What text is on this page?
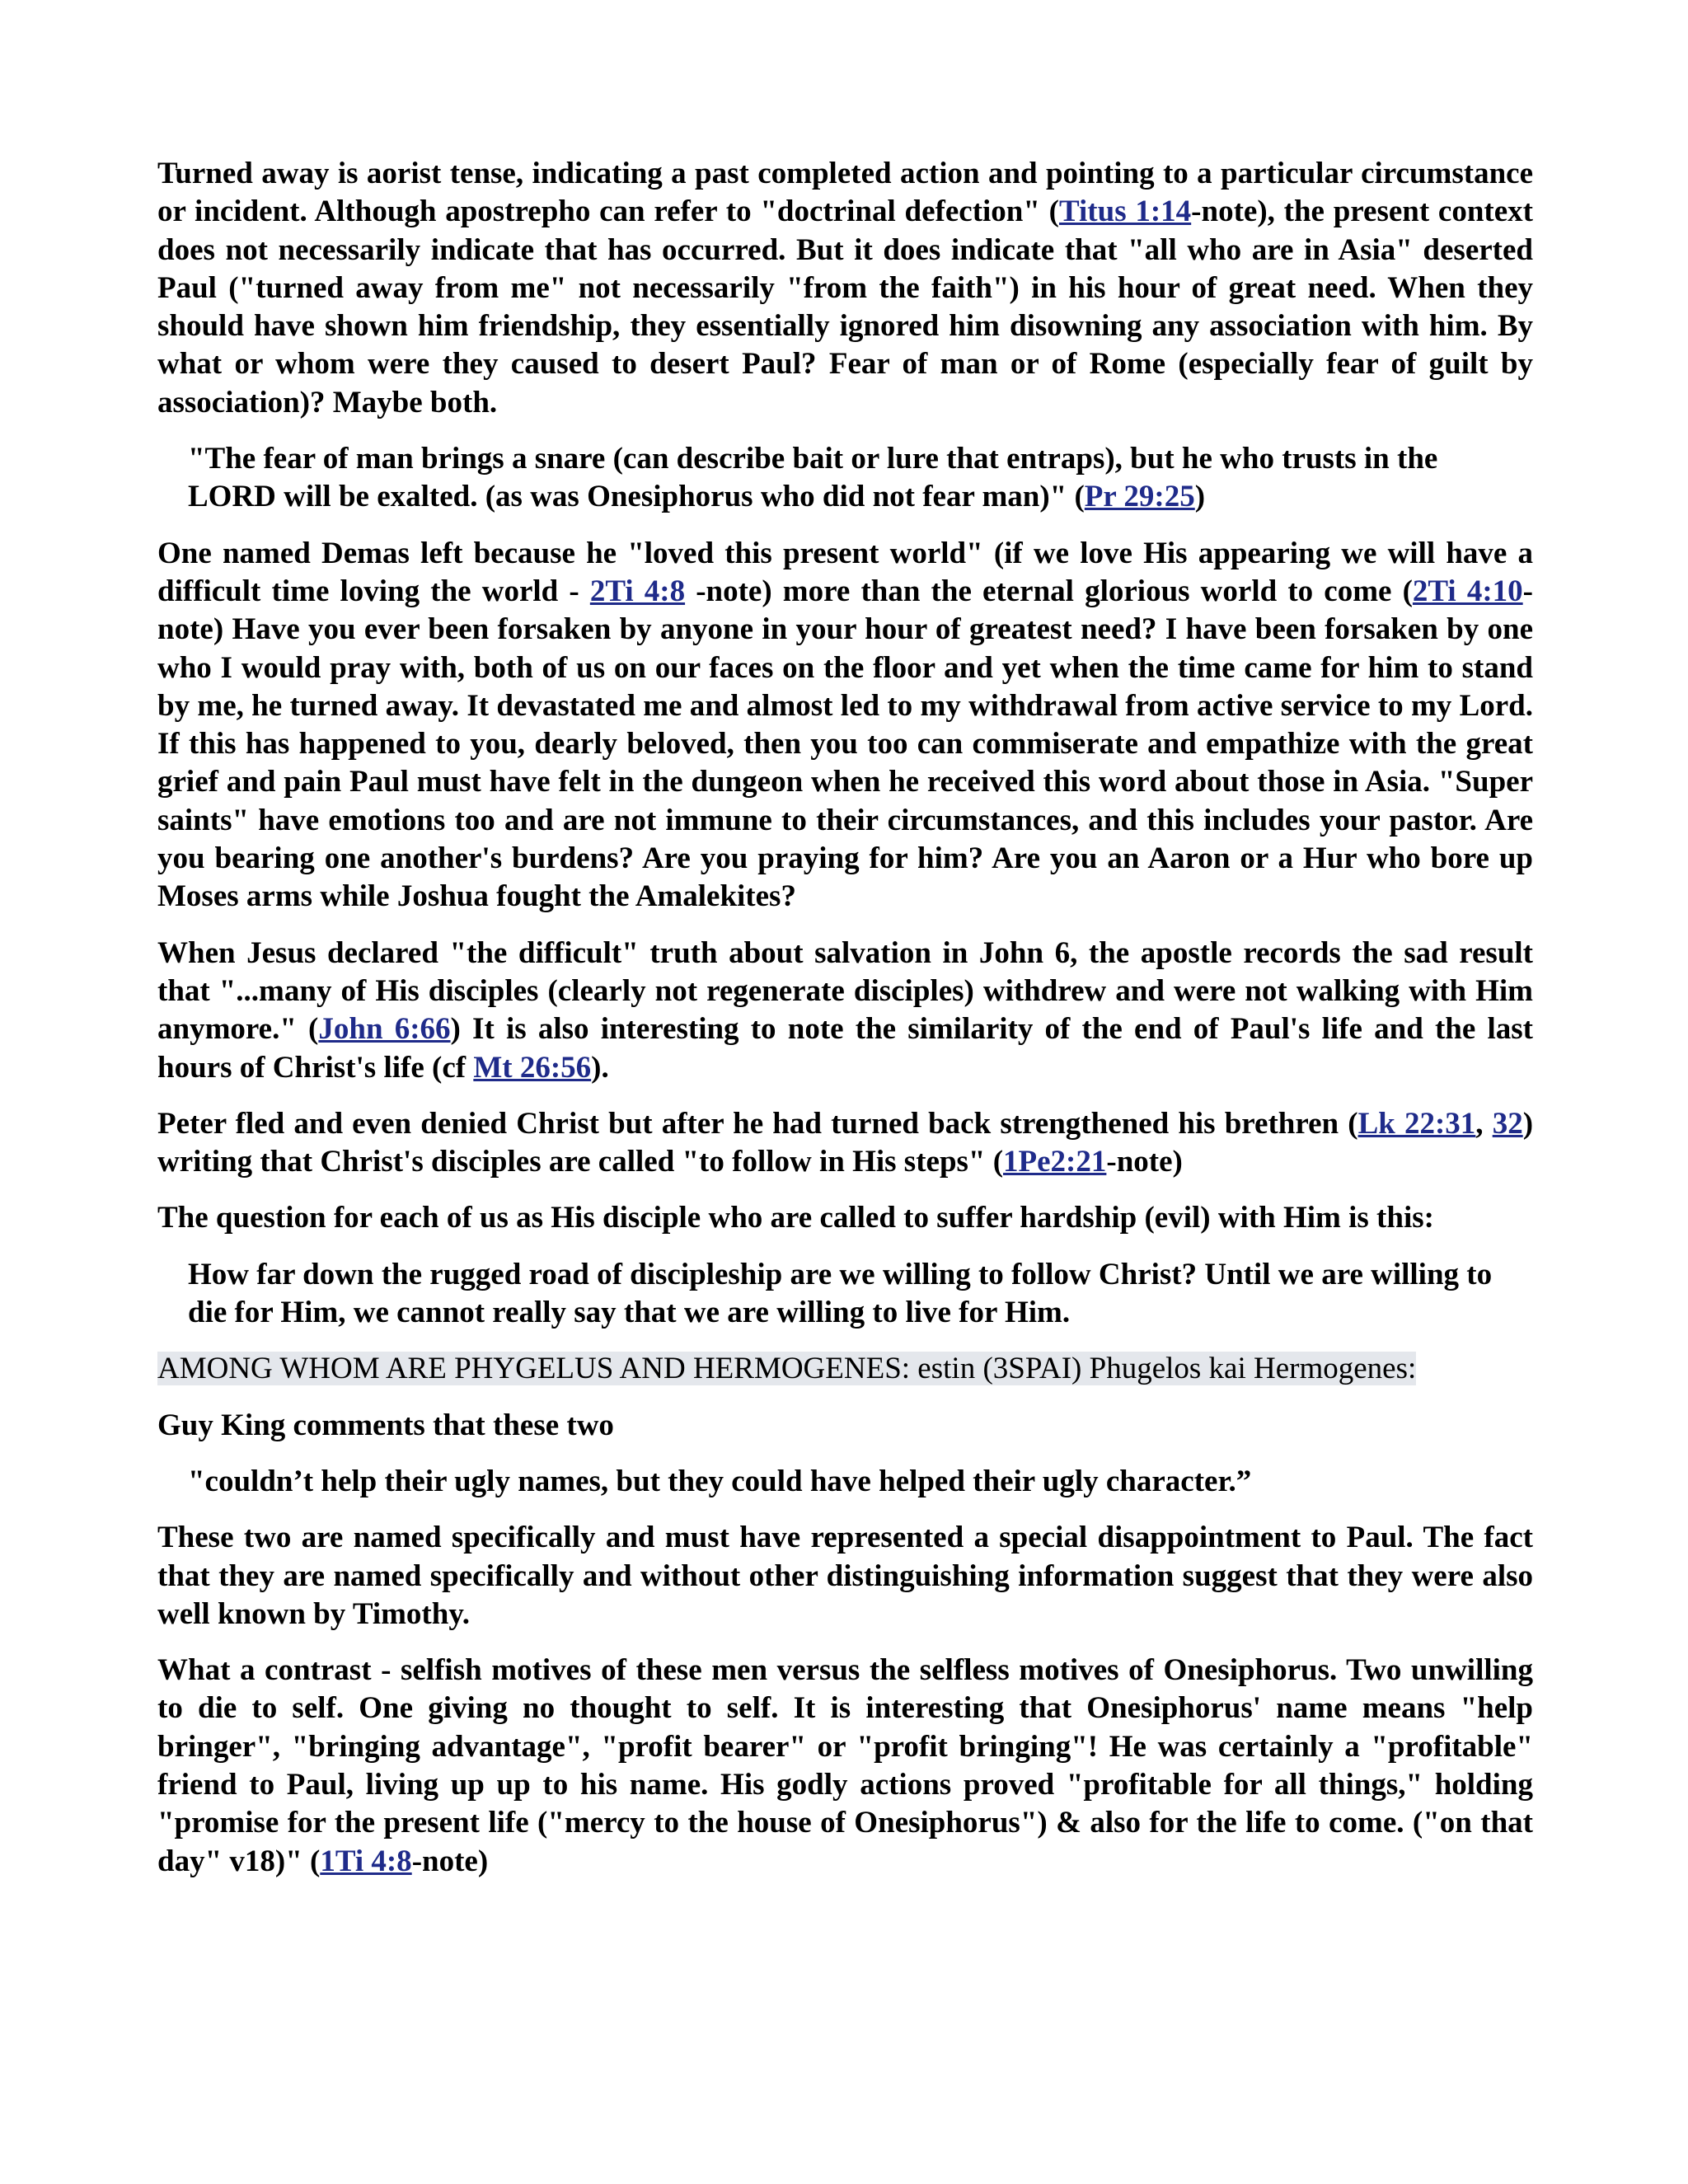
Turned away is aorist tense, indicating a past completed action and pointing to a particular circumstance or incident. Although apostrepho can refer to "doctrinal defection" (Titus 1:14-note), the present context does not necessarily indicate that has occurred. But it does indicate that "all who are in Asia" deserted Paul ("turned away from me" not necessarily "from the faith") in his hour of great need. When they should have shown him friendship, they essentially ignored him disowning any association with him. By what or whom were they caused to desert Paul? Fear of man or of Rome (especially fear of guilt by association)? Maybe both.

"The fear of man brings a snare (can describe bait or lure that entraps), but he who trusts in the LORD will be exalted. (as was Onesiphorus who did not fear man)" (Pr 29:25)

One named Demas left because he "loved this present world" (if we love His appearing we will have a difficult time loving the world - 2Ti 4:8 -note) more than the eternal glorious world to come (2Ti 4:10-note) Have you ever been forsaken by anyone in your hour of greatest need? I have been forsaken by one who I would pray with, both of us on our faces on the floor and yet when the time came for him to stand by me, he turned away. It devastated me and almost led to my withdrawal from active service to my Lord. If this has happened to you, dearly beloved, then you too can commiserate and empathize with the great grief and pain Paul must have felt in the dungeon when he received this word about those in Asia. "Super saints" have emotions too and are not immune to their circumstances, and this includes your pastor. Are you bearing one another's burdens? Are you praying for him? Are you an Aaron or a Hur who bore up Moses arms while Joshua fought the Amalekites?

When Jesus declared "the difficult" truth about salvation in John 6, the apostle records the sad result that "...many of His disciples (clearly not regenerate disciples) withdrew and were not walking with Him anymore." (John 6:66) It is also interesting to note the similarity of the end of Paul's life and the last hours of Christ's life (cf Mt 26:56).

Peter fled and even denied Christ but after he had turned back strengthened his brethren (Lk 22:31, 32) writing that Christ's disciples are called "to follow in His steps" (1Pe2:21-note)

The question for each of us as His disciple who are called to suffer hardship (evil) with Him is this:

How far down the rugged road of discipleship are we willing to follow Christ? Until we are willing to die for Him, we cannot really say that we are willing to live for Him.

AMONG WHOM ARE PHYGELUS AND HERMOGENES: estin (3SPAI) Phugelos kai Hermogenes:

Guy King comments that these two

"couldn’t help their ugly names, but they could have helped their ugly character.”

These two are named specifically and must have represented a special disappointment to Paul. The fact that they are named specifically and without other distinguishing information suggest that they were also well known by Timothy.

What a contrast - selfish motives of these men versus the selfless motives of Onesiphorus. Two unwilling to die to self. One giving no thought to self. It is interesting that Onesiphorus' name means "help bringer", "bringing advantage", "profit bearer" or "profit bringing"! He was certainly a "profitable" friend to Paul, living up up to his name. His godly actions proved "profitable for all things," holding "promise for the present life ("mercy to the house of Onesiphorus") & also for the life to come. ("on that day" v18)" (1Ti 4:8-note)
